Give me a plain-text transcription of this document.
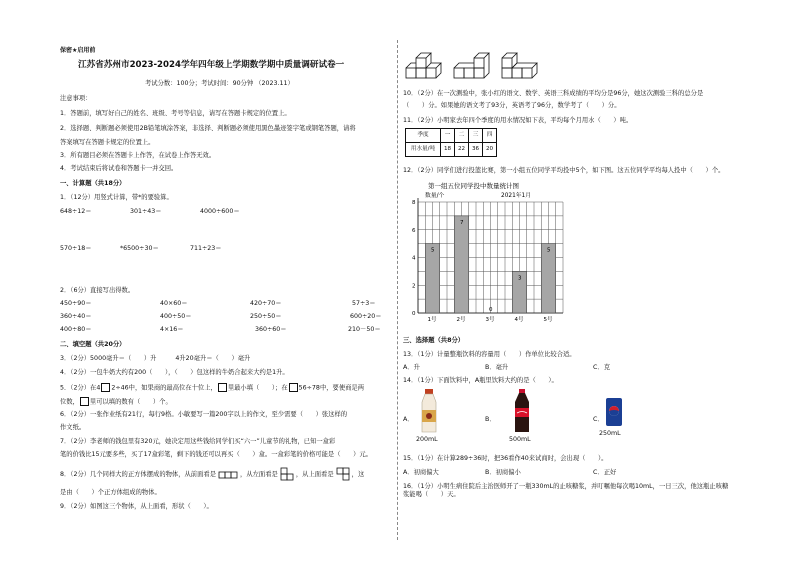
保密★启用前
江苏省苏州市2023-2024学年四年级上学期数学期中质量调研试卷一
考试分数：100分；考试时间：90分钟 （2023.11）
注意事项：
1．答题前，填写好自己的姓名、班级、考号等信息，请写在答题卡规定的位置上。
2．选择题、判断题必须使用2B铅笔填涂答案，非选择、判断题必须使用黑色墨迹签字笔或钢笔答题，请将
答案填写在答题卡规定的位置上。
3．所有题目必须在答题卡上作答，在试卷上作答无效。
4．考试结束后将试卷和答题卡一并交回。
一、计算题（共18分）
1．（12分）用竖式计算，带*的要验算。
648÷12＝	301÷43＝	4000÷600＝
570÷18＝	*6500÷30＝	711÷23＝
2．（6分）直接写出得数。
450÷90＝	40×60＝	420÷70＝	57÷3＝
360÷40＝	400÷50＝	250÷50＝	600÷20＝
400÷80＝	4×16＝	360÷60＝	210－50＝
二、填空题（共20分）
3．（2分）5000毫升＝（　　）升　　　4升20毫升＝（　　）毫升
4．（2分）一包牛奶大约有200（　　），（　　）包这样的牛奶合起来大约是1升。
5．（2分）在4 2÷46中，如果商的最高位在十位上， 里最小填（　　）；在 56÷78中，要使商是两
位数， 里可以填的数有（　　）个。
6．（2分）一张作业纸有21行，每行9格。小敏要写一篇200字以上的作文，至少需要（　　）张这样的
作文纸。
7．（2分）李老师的钱包里有320元，她决定用这些钱给同学们买“六一”儿童节的礼物，已知一盒彩
笔的价钱比15元要多些，买了17盒彩笔，剩下的钱还可以再买（　　）盒。一盒彩笔的价格可能是（　　）元。
8．（2分）几个同样大的正方体摆成的物体，从前面看是	，从左面看是	，从上面看是	，这
是由（　　）个正方体组成的物体。
9．（2分）如图这三个物体，从上面看，形状（　　）。
10．（2分）在一次测验中，张小红的语文、数学、英语三科成绩的平均分是96分，她这次测验三科的总分是
（　　）分。如果她的语文考了93分，英语考了96分，数学考了（　　）分。
11．（2分）小明家去年四个季度的用水情况如下表，平均每个月用水（　　）吨。
季度	一	二	三	四
用水量/吨	18	22	36	20
12．（2分）同学们进行投篮比赛，第一小组五位同学平均投中5个，如下图。这五位同学平均每人投中（　　）个。
三、选择题（共8分）
13．（1分）计量整瓶饮料的容量用（　　）作单位比较合适。
A．升	B．毫升	C．克
14．（1分）下面饮料中，A瓶里饮料大约的是（　　）。
A．	B．	C．
200mL	500mL
250mL
15．（1分）在计算289÷36时，把36看作40来试商时，会出现（　　）。
A．初商偏大	B．初商偏小	C．正好
16．（1分）小明生病住院后主治医师开了一瓶330mL的止咳糖浆，并叮嘱他每次喝10mL，一日三次，他这瓶止咳糖浆能喝（　　）天。
第一组五位同学投中数量统计图
数量/个	2021年1月
0
2
4
6
8
5
1号
7
2号
0
3号
3
4号
5
5号
